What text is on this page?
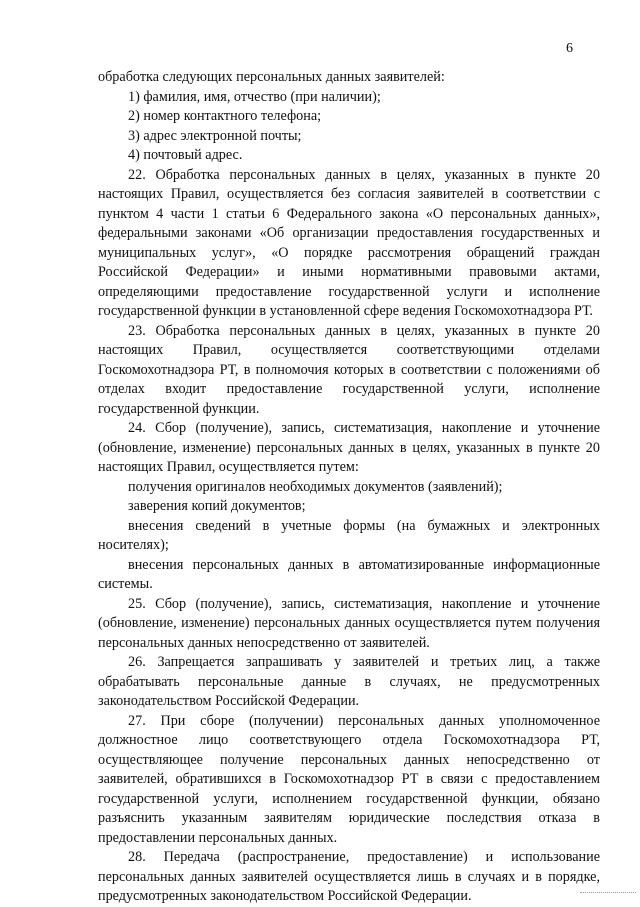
6

обработка следующих персональных данных заявителей:

1) фамилия, имя, отчество (при наличии);

2) номер контактного телефона;

3) адрес электронной почты;

4) почтовый адрес.

22. Обработка персональных данных в целях, указанных в пункте 20 настоящих Правил, осуществляется без согласия заявителей в соответствии с пунктом 4 части 1 статьи 6 Федерального закона «О персональных данных», федеральными законами «Об организации предоставления государственных и муниципальных услуг», «О порядке рассмотрения обращений граждан Российской Федерации» и иными нормативными правовыми актами, определяющими предоставление государственной услуги и исполнение государственной функции в установленной сфере ведения Госкомохотнадзора РТ.

23. Обработка персональных данных в целях, указанных в пункте 20 настоящих Правил, осуществляется соответствующими отделами Госкомохотнадзора РТ, в полномочия которых в соответствии с положениями об отделах входит предоставление государственной услуги, исполнение государственной функции.

24. Сбор (получение), запись, систематизация, накопление и уточнение (обновление, изменение) персональных данных в целях, указанных в пункте 20 настоящих Правил, осуществляется путем:

получения оригиналов необходимых документов (заявлений);

заверения копий документов;

внесения сведений в учетные формы (на бумажных и электронных носителях);

внесения персональных данных в автоматизированные информационные системы.

25. Сбор (получение), запись, систематизация, накопление и уточнение (обновление, изменение) персональных данных осуществляется путем получения персональных данных непосредственно от заявителей.

26. Запрещается запрашивать у заявителей и третьих лиц, а также обрабатывать персональные данные в случаях, не предусмотренных законодательством Российской Федерации.

27. При сборе (получении) персональных данных уполномоченное должностное лицо соответствующего отдела Госкомохотнадзора РТ, осуществляющее получение персональных данных непосредственно от заявителей, обратившихся в Госкомохотнадзор РТ в связи с предоставлением государственной услуги, исполнением государственной функции, обязано разъяснить указанным заявителям юридические последствия отказа в предоставлении персональных данных.

28. Передача (распространение, предоставление) и использование персональных данных заявителей осуществляется лишь в случаях и в порядке, предусмотренных законодательством Российской Федерации.
